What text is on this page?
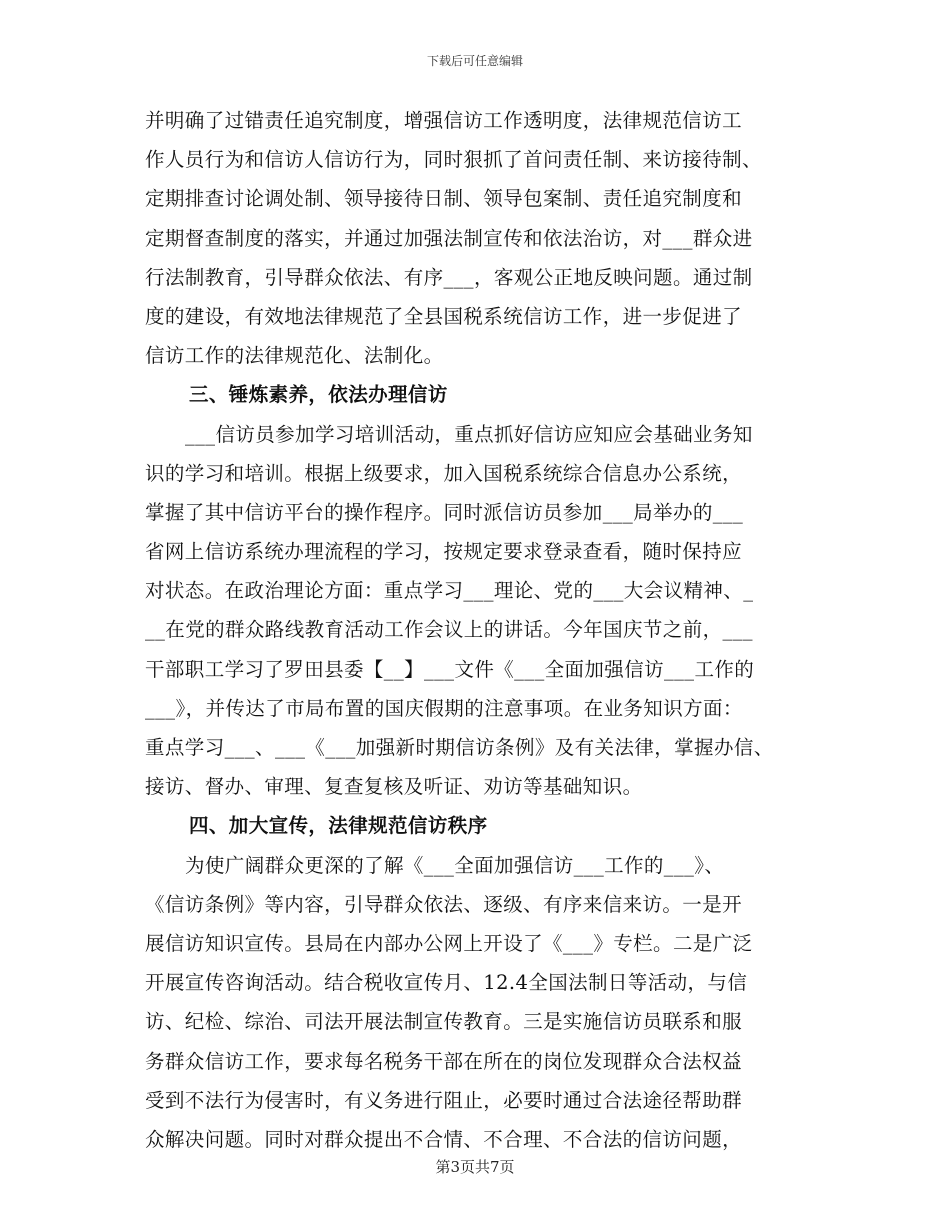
下载后可任意编辑
并明确了过错责任追究制度，增强信访工作透明度，法律规范信访工
作人员行为和信访人信访行为，同时狠抓了首问责任制、来访接待制、
定期排查讨论调处制、领导接待日制、领导包案制、责任追究制度和
定期督查制度的落实，并通过加强法制宣传和依法治访，对___群众进
行法制教育，引导群众依法、有序___，客观公正地反映问题。通过制
度的建设，有效地法律规范了全县国税系统信访工作，进一步促进了
信访工作的法律规范化、法制化。
三、锤炼素养，依法办理信访
___信访员参加学习培训活动，重点抓好信访应知应会基础业务知
识的学习和培训。根据上级要求，加入国税系统综合信息办公系统，
掌握了其中信访平台的操作程序。同时派信访员参加___局举办的___
省网上信访系统办理流程的学习，按规定要求登录查看，随时保持应
对状态。在政治理论方面：重点学习___理论、党的___大会议精神、_
__在党的群众路线教育活动工作会议上的讲话。今年国庆节之前，___
干部职工学习了罗田县委【__】___文件《___全面加强信访___工作的
___》，并传达了市局布置的国庆假期的注意事项。在业务知识方面：
重点学习___、___《___加强新时期信访条例》及有关法律，掌握办信、
接访、督办、审理、复查复核及听证、劝访等基础知识。
四、加大宣传，法律规范信访秩序
为使广阔群众更深的了解《___全面加强信访___工作的___》、
《信访条例》等内容，引导群众依法、逐级、有序来信来访。一是开
展信访知识宣传。县局在内部办公网上开设了《___》专栏。二是广泛
开展宣传咨询活动。结合税收宣传月、12.4全国法制日等活动，与信
访、纪检、综治、司法开展法制宣传教育。三是实施信访员联系和服
务群众信访工作，要求每名税务干部在所在的岗位发现群众合法权益
受到不法行为侵害时，有义务进行阻止，必要时通过合法途径帮助群
众解决问题。同时对群众提出不合情、不合理、不合法的信访问题，
第3页共7页
